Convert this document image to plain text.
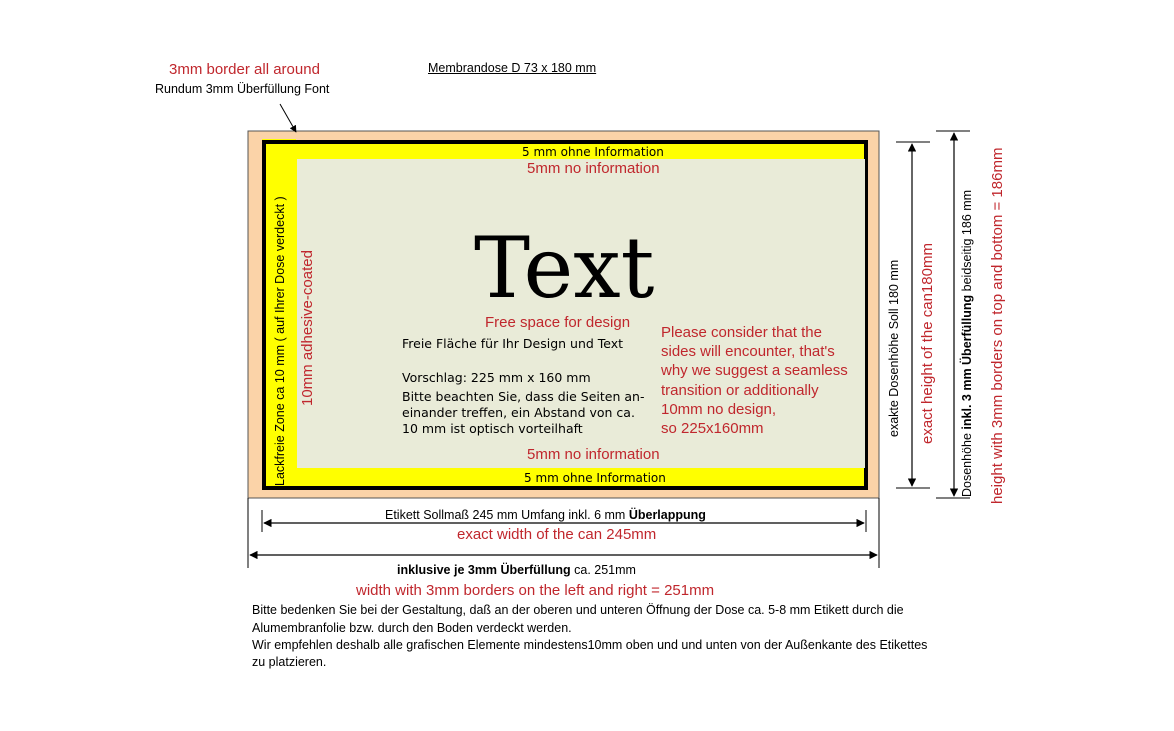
3mm border all around
Rundum 3mm Überfüllung Font
Membrandose D 73 x 180 mm
5 mm ohne Information
5mm no information
5mm no information
5 mm ohne Information
Lackfreie Zone ca 10 mm ( auf Ihrer Dose verdeckt ) 10mm adhesive-coated Text
Free space for design
Freie Fläche für Ihr Design und Text
Vorschlag: 225 mm x 160 mm
Bitte beachten Sie, dass die Seiten an-
einander treffen, ein Abstand von ca.
10 mm ist optisch vorteilhaft
Please consider that the
sides will encounter, that's
why we suggest a seamless
transition or additionally
10mm no design,
so 225x160mm	exakte Dosenhöhe Soll 180 mm exact height of the can180mm
Dosenhöhe inkl. 3 mm Überfüllung beidseitig 186 mm height with 3mm borders on top and bottom = 186mm
Etikett Sollmaß 245 mm Umfang inkl. 6 mm Überlappung
exact width of the can 245mm
inklusive je 3mm Überfüllung ca. 251mm
width with 3mm borders on the left and right = 251mm
Bitte bedenken Sie bei der Gestaltung, daß an der oberen und unteren Öffnung der Dose ca. 5-8 mm Etikett durch die
Alumembranfolie bzw. durch den Boden verdeckt werden.
Wir empfehlen deshalb alle grafischen Elemente mindestens10mm oben und und unten von der Außenkante des Etikettes
zu platzieren.
